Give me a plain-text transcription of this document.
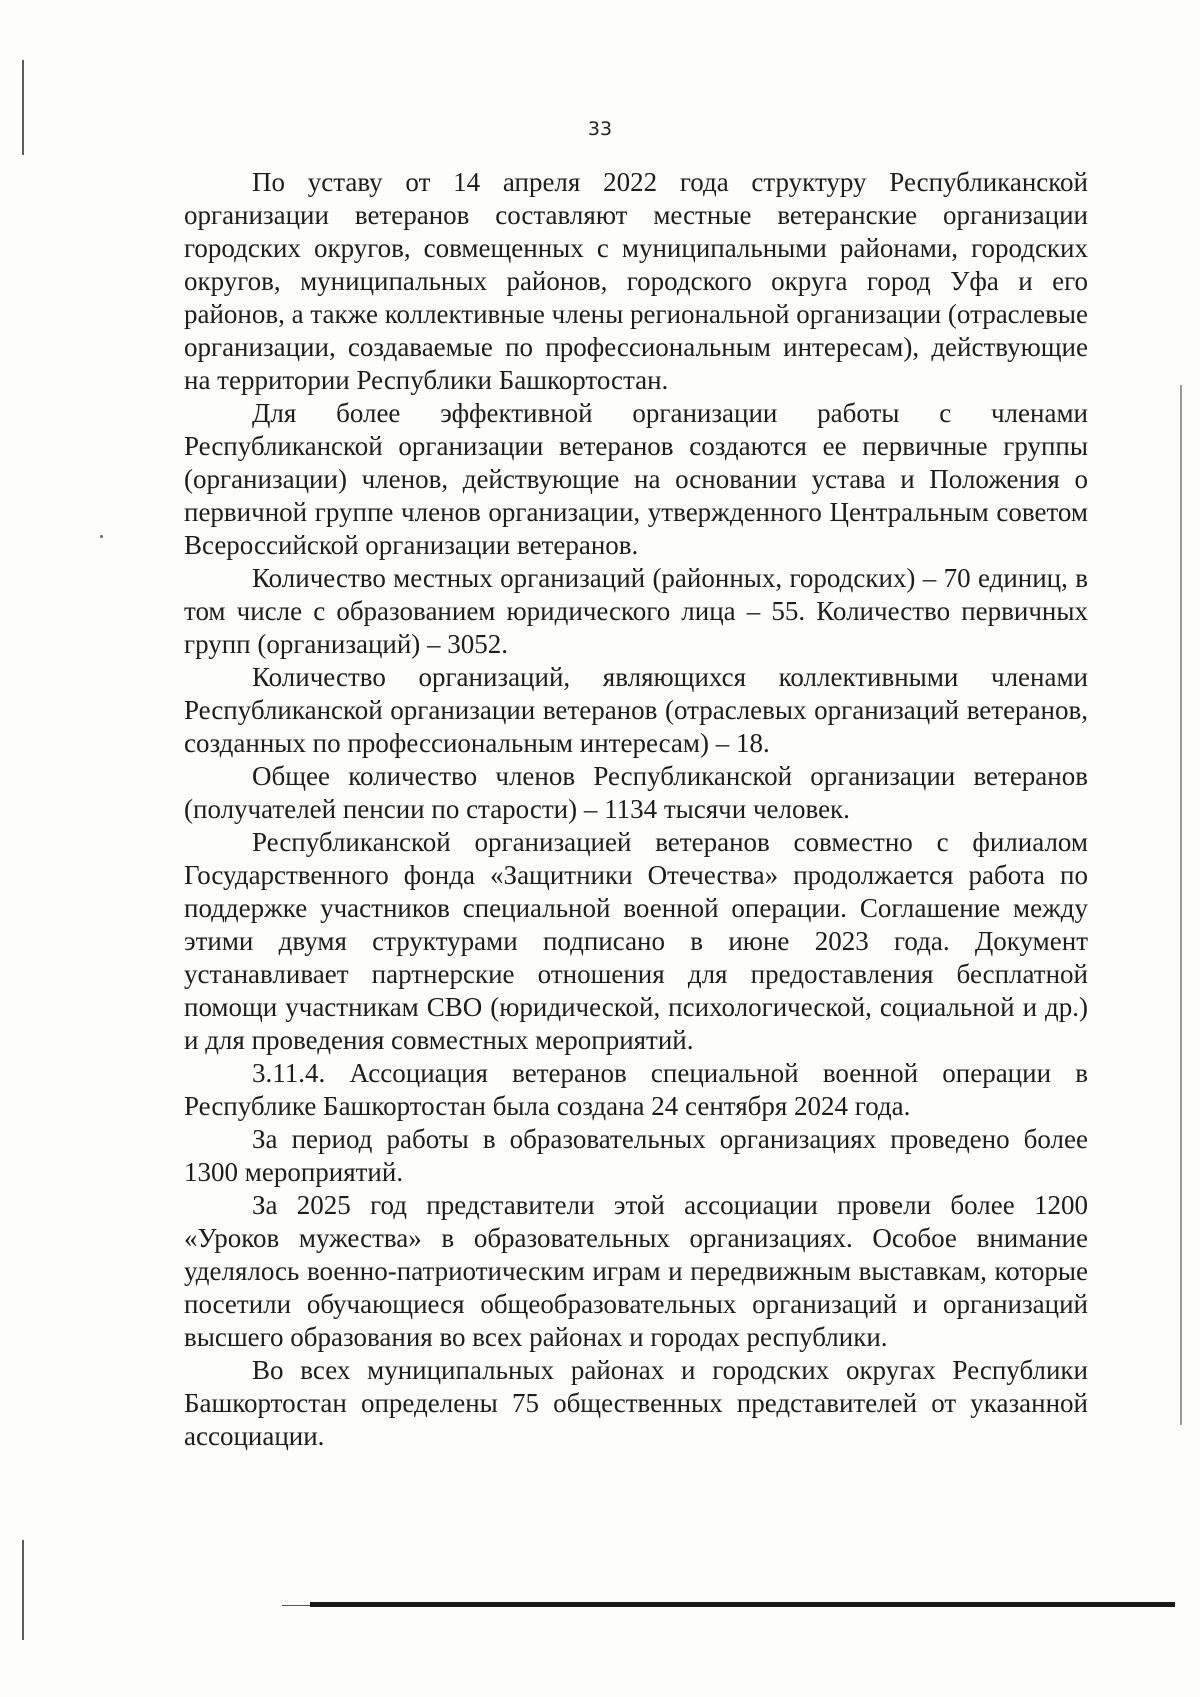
33

По уставу от 14 апреля 2022 года структуру Республиканской организации ветеранов составляют местные ветеранские организации городских округов, совмещенных с муниципальными районами, городских округов, муниципальных районов, городского округа город Уфа и его районов, а также коллективные члены региональной организации (отраслевые организации, создаваемые по профессиональным интересам), действующие на территории Республики Башкортостан.

Для более эффективной организации работы с членами Республиканской организации ветеранов создаются ее первичные группы (организации) членов, действующие на основании устава и Положения о первичной группе членов организации, утвержденного Центральным советом Всероссийской организации ветеранов.

Количество местных организаций (районных, городских) – 70 единиц, в том числе с образованием юридического лица – 55. Количество первичных групп (организаций) – 3052.

Количество организаций, являющихся коллективными членами Республиканской организации ветеранов (отраслевых организаций ветеранов, созданных по профессиональным интересам) – 18.

Общее количество членов Республиканской организации ветеранов (получателей пенсии по старости) – 1134 тысячи человек.

Республиканской организацией ветеранов совместно с филиалом Государственного фонда «Защитники Отечества» продолжается работа по поддержке участников специальной военной операции. Соглашение между этими двумя структурами подписано в июне 2023 года. Документ устанавливает партнерские отношения для предоставления бесплатной помощи участникам СВО (юридической, психологической, социальной и др.) и для проведения совместных мероприятий.

3.11.4. Ассоциация ветеранов специальной военной операции в Республике Башкортостан была создана 24 сентября 2024 года.

За период работы в образовательных организациях проведено более 1300 мероприятий.

За 2025 год представители этой ассоциации провели более 1200 «Уроков мужества» в образовательных организациях. Особое внимание уделялось военно-патриотическим играм и передвижным выставкам, которые посетили обучающиеся общеобразовательных организаций и организаций высшего образования во всех районах и городах республики.

Во всех муниципальных районах и городских округах Республики Башкортостан определены 75 общественных представителей от указанной ассоциации.
